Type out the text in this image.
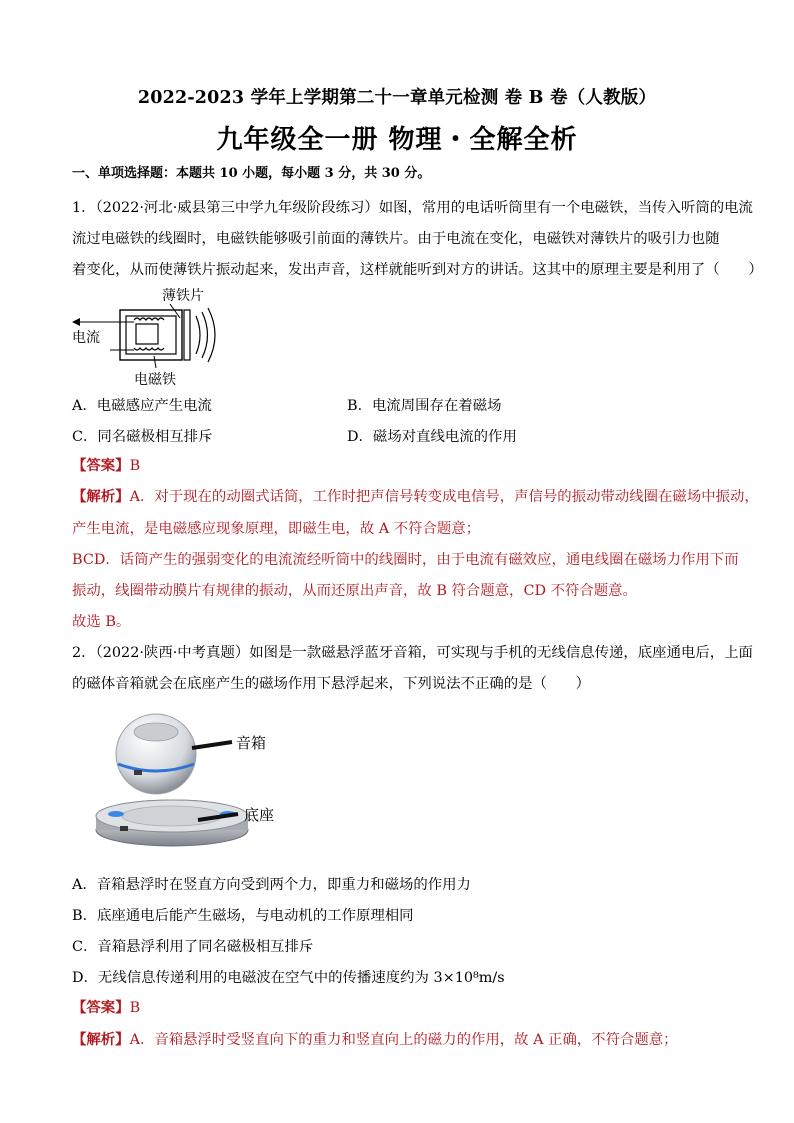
2022-2023 学年上学期第二十一章单元检测 卷 B 卷（人教版）
九年级全一册 物理・全解全析
一、单项选择题：本题共 10 小题，每小题 3 分，共 30 分。
1．（2022·河北·威县第三中学九年级阶段练习）如图，常用的电话听筒里有一个电磁铁，当传入听筒的电流
流过电磁铁的线圈时，电磁铁能够吸引前面的薄铁片。由于电流在变化，电磁铁对薄铁片的吸引力也随
着变化，从而使薄铁片振动起来，发出声音，这样就能听到对方的讲话。这其中的原理主要是利用了（　　）
薄铁片
电流
电磁铁
A．电磁感应产生电流	B．电流周围存在着磁场
C．同名磁极相互排斥	D．磁场对直线电流的作用
【答案】B
【解析】A．对于现在的动圈式话筒，工作时把声信号转变成电信号，声信号的振动带动线圈在磁场中振动，
产生电流，是电磁感应现象原理，即磁生电，故 A 不符合题意；
BCD．话筒产生的强弱变化的电流流经听筒中的线圈时，由于电流有磁效应，通电线圈在磁场力作用下而
振动，线圈带动膜片有规律的振动，从而还原出声音，故 B 符合题意，CD 不符合题意。
故选 B。
2．（2022·陕西·中考真题）如图是一款磁悬浮蓝牙音箱，可实现与手机的无线信息传递，底座通电后，上面
的磁体音箱就会在底座产生的磁场作用下悬浮起来，下列说法不正确的是（　　）
音箱
底座
A．音箱悬浮时在竖直方向受到两个力，即重力和磁场的作用力
B．底座通电后能产生磁场，与电动机的工作原理相同
C．音箱悬浮利用了同名磁极相互排斥
D．无线信息传递利用的电磁波在空气中的传播速度约为 3×10⁸m/s
【答案】B
【解析】A．音箱悬浮时受竖直向下的重力和竖直向上的磁力的作用，故 A 正确，不符合题意；
